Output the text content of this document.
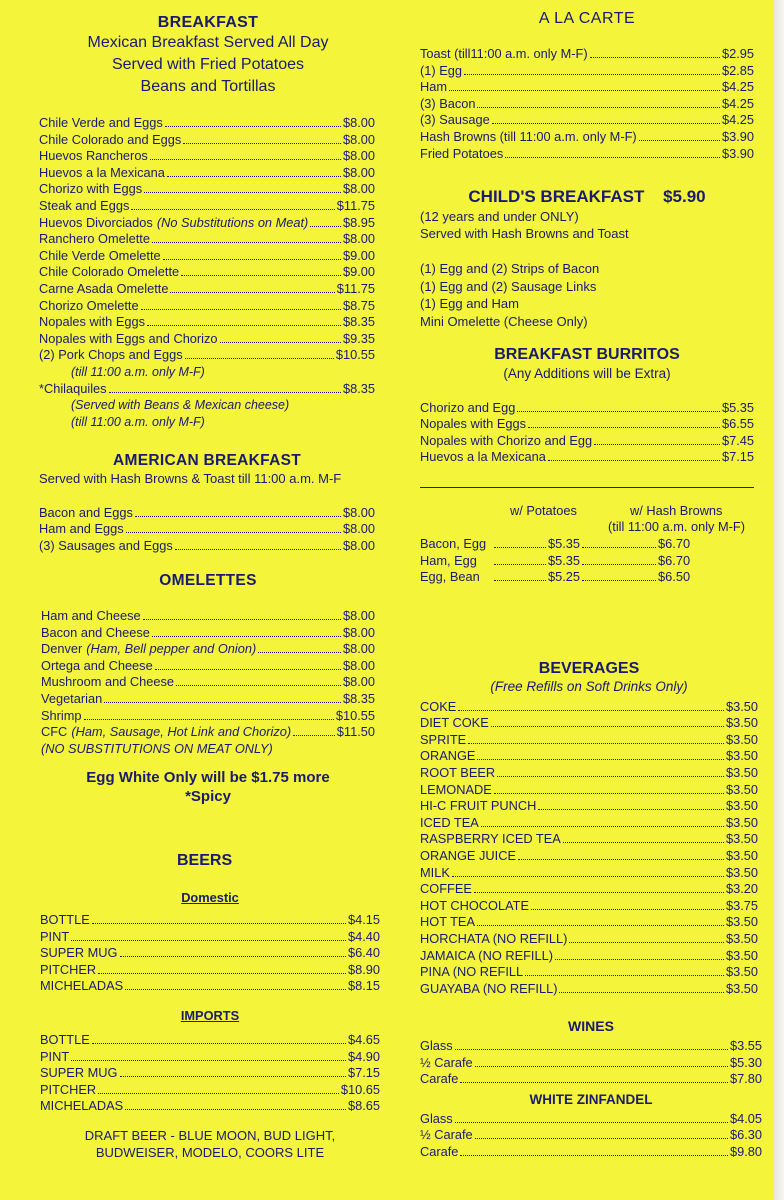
BREAKFAST
Mexican Breakfast Served All Day
Served with Fried Potatoes
Beans and Tortillas
Chile Verde and Eggs	$8.00
Chile Colorado and Eggs	$8.00
Huevos Rancheros	$8.00
Huevos a la Mexicana	$8.00
Chorizo with Eggs	$8.00
Steak and Eggs	$11.75
Huevos Divorciados (No Substitutions on Meat)	$8.95
Ranchero Omelette	$8.00
Chile Verde Omelette	$9.00
Chile Colorado Omelette	$9.00
Carne Asada Omelette	$11.75
Chorizo Omelette	$8.75
Nopales with Eggs	$8.35
Nopales with Eggs and Chorizo	$9.35
(2) Pork Chops and Eggs	$10.55
(till 11:00 a.m. only M-F)
*Chilaquiles	$8.35
(Served with Beans & Mexican cheese)
(till 11:00 a.m. only M-F)
AMERICAN BREAKFAST
Served with Hash Browns & Toast till 11:00 a.m. M-F
Bacon and Eggs	$8.00
Ham and Eggs	$8.00
(3) Sausages and Eggs	$8.00
OMELETTES
Ham and Cheese	$8.00
Bacon and Cheese	$8.00
Denver (Ham, Bell pepper and Onion)	$8.00
Ortega and Cheese	$8.00
Mushroom and Cheese	$8.00
Vegetarian	$8.35
Shrimp	$10.55
CFC (Ham, Sausage, Hot Link and Chorizo)	$11.50
(NO SUBSTITUTIONS ON MEAT ONLY)
Egg White Only will be $1.75 more
*Spicy
BEERS
Domestic
BOTTLE	$4.15
PINT	$4.40
SUPER MUG	$6.40
PITCHER	$8.90
MICHELADAS	$8.15
IMPORTS
BOTTLE	$4.65
PINT	$4.90
SUPER MUG	$7.15
PITCHER	$10.65
MICHELADAS	$8.65
DRAFT BEER - BLUE MOON, BUD LIGHT,
BUDWEISER, MODELO, COORS LITE
A LA CARTE
Toast (till11:00 a.m. only M-F)	$2.95
(1) Egg	$2.85
Ham	$4.25
(3) Bacon	$4.25
(3) Sausage	$4.25
Hash Browns (till 11:00 a.m. only M-F)	$3.90
Fried Potatoes	$3.90
CHILD'S BREAKFAST $5.90
(12 years and under ONLY)
Served with Hash Browns and Toast
(1) Egg and (2) Strips of Bacon
(1) Egg and (2) Sausage Links
(1) Egg and Ham
Mini Omelette (Cheese Only)
BREAKFAST BURRITOS
(Any Additions will be Extra)
Chorizo and Egg	$5.35
Nopales with Eggs	$6.55
Nopales with Chorizo and Egg	$7.45
Huevos a la Mexicana	$7.15
w/ Potatoes	w/ Hash Browns
(till 11:00 a.m. only M-F)
Bacon, Egg	$5.35	$6.70
Ham, Egg	$5.35	$6.70
Egg, Bean	$5.25	$6.50
BEVERAGES
(Free Refills on Soft Drinks Only)
COKE	$3.50
DIET COKE	$3.50
SPRITE	$3.50
ORANGE	$3.50
ROOT BEER	$3.50
LEMONADE	$3.50
HI-C FRUIT PUNCH	$3.50
ICED TEA	$3.50
RASPBERRY ICED TEA	$3.50
ORANGE JUICE	$3.50
MILK	$3.50
COFFEE	$3.20
HOT CHOCOLATE	$3.75
HOT TEA	$3.50
HORCHATA (NO REFILL)	$3.50
JAMAICA (NO REFILL)	$3.50
PINA (NO REFILL	$3.50
GUAYABA (NO REFILL)	$3.50
WINES
Glass	$3.55
½ Carafe	$5.30
Carafe	$7.80
WHITE ZINFANDEL
Glass	$4.05
½ Carafe	$6.30
Carafe	$9.80
